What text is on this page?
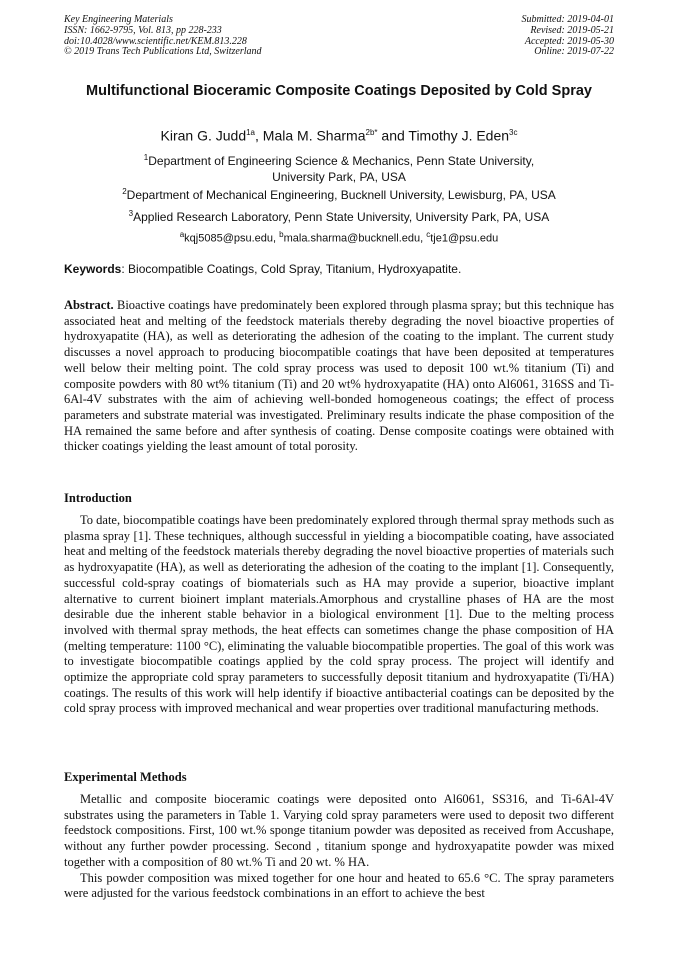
Key Engineering Materials
ISSN: 1662-9795, Vol. 813, pp 228-233
doi:10.4028/www.scientific.net/KEM.813.228
© 2019 Trans Tech Publications Ltd, Switzerland
Submitted: 2019-04-01
Revised: 2019-05-21
Accepted: 2019-05-30
Online: 2019-07-22
Multifunctional Bioceramic Composite Coatings Deposited by Cold Spray
Kiran G. Judd$^{1a}$, Mala M. Sharma$^{2b*}$ and Timothy J. Eden$^{3c}$
$^1$Department of Engineering Science & Mechanics, Penn State University,
University Park, PA, USA
$^2$Department of Mechanical Engineering, Bucknell University, Lewisburg, PA, USA
$^3$Applied Research Laboratory, Penn State University, University Park, PA, USA
$^a$kqj5085@psu.edu, $^b$mala.sharma@bucknell.edu, $^c$tje1@psu.edu
Keywords: Biocompatible Coatings, Cold Spray, Titanium, Hydroxyapatite.

Abstract. Bioactive coatings have predominately been explored through plasma spray; but this technique has associated heat and melting of the feedstock materials thereby degrading the novel bioactive properties of hydroxyapatite (HA), as well as deteriorating the adhesion of the coating to the implant. The current study discusses a novel approach to producing biocompatible coatings that have been deposited at temperatures well below their melting point. The cold spray process was used to deposit 100 wt.% titanium (Ti) and composite powders with 80 wt% titanium (Ti) and 20 wt% hydroxyapatite (HA) onto Al6061, 316SS and Ti-6Al-4V substrates with the aim of achieving well-bonded homogeneous coatings; the effect of process parameters and substrate material was investigated. Preliminary results indicate the phase composition of the HA remained the same before and after synthesis of coating. Dense composite coatings were obtained with thicker coatings yielding the least amount of total porosity.

Introduction

To date, biocompatible coatings have been predominately explored through thermal spray methods such as plasma spray [1]. These techniques, although successful in yielding a biocompatible coating, have associated heat and melting of the feedstock materials thereby degrading the novel bioactive properties of materials such as hydroxyapatite (HA), as well as deteriorating the adhesion of the coating to the implant [1]. Consequently, successful cold-spray coatings of biomaterials such as HA may provide a superior, bioactive implant alternative to current bioinert implant materials.Amorphous and crystalline phases of HA are the most desirable due the inherent stable behavior in a biological environment [1]. Due to the melting process involved with thermal spray methods, the heat effects can sometimes change the phase composition of HA (melting temperature: 1100 °C), eliminating the valuable biocompatible properties. The goal of this work was to investigate biocompatible coatings applied by the cold spray process. The project will identify and optimize the appropriate cold spray parameters to successfully deposit titanium and hydroxyapatite (Ti/HA) coatings. The results of this work will help identify if bioactive antibacterial coatings can be deposited by the cold spray process with improved mechanical and wear properties over traditional manufacturing methods.

Experimental Methods

Metallic and composite bioceramic coatings were deposited onto Al6061, SS316, and Ti-6Al-4V substrates using the parameters in Table 1. Varying cold spray parameters were used to deposit two different feedstock compositions. First, 100 wt.% sponge titanium powder was deposited as received from Accushape, without any further powder processing. Second , titanium sponge and hydroxyapatite powder was mixed together with a composition of 80 wt.% Ti and 20 wt. % HA.

This powder composition was mixed together for one hour and heated to 65.6 °C. The spray parameters were adjusted for the various feedstock combinations in an effort to achieve the best
